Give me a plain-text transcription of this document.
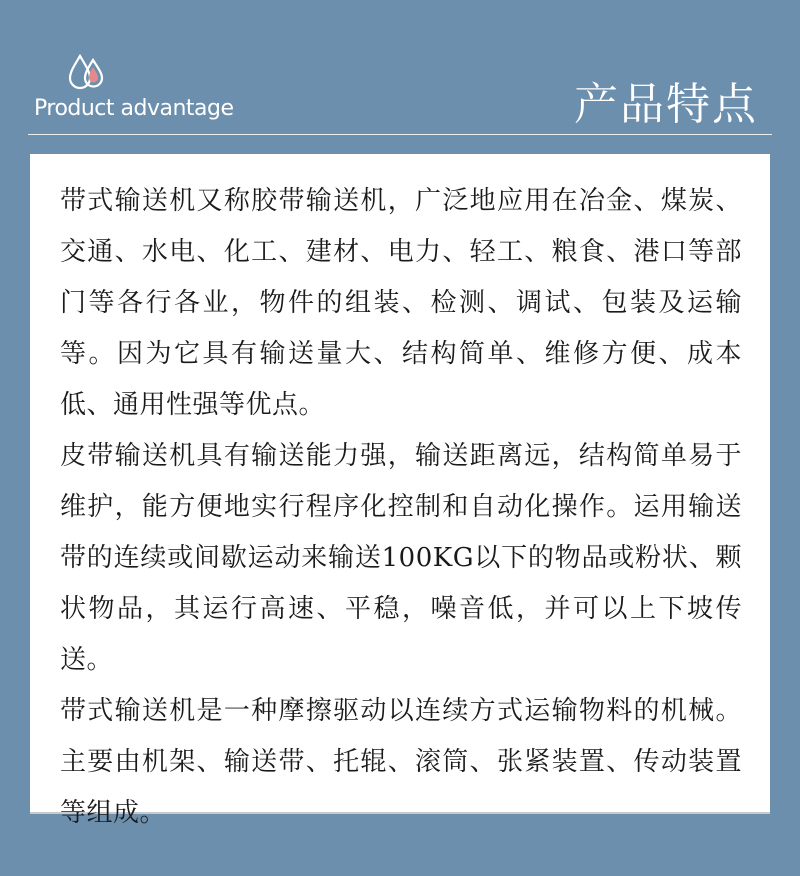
Product advantage	产品特点

带式输送机又称胶带输送机，广泛地应用在冶金、煤炭、交通、水电、化工、建材、电力、轻工、粮食、港口等部门等各行各业，物件的组装、检测、调试、包装及运输等。因为它具有输送量大、结构简单、维修方便、成本低、通用性强等优点。

皮带输送机具有输送能力强，输送距离远，结构简单易于维护，能方便地实行程序化控制和自动化操作。运用输送带的连续或间歇运动来输送100KG以下的物品或粉状、颗状物品，其运行高速、平稳，噪音低，并可以上下坡传送。

带式输送机是一种摩擦驱动以连续方式运输物料的机械。主要由机架、输送带、托辊、滚筒、张紧装置、传动装置等组成。
